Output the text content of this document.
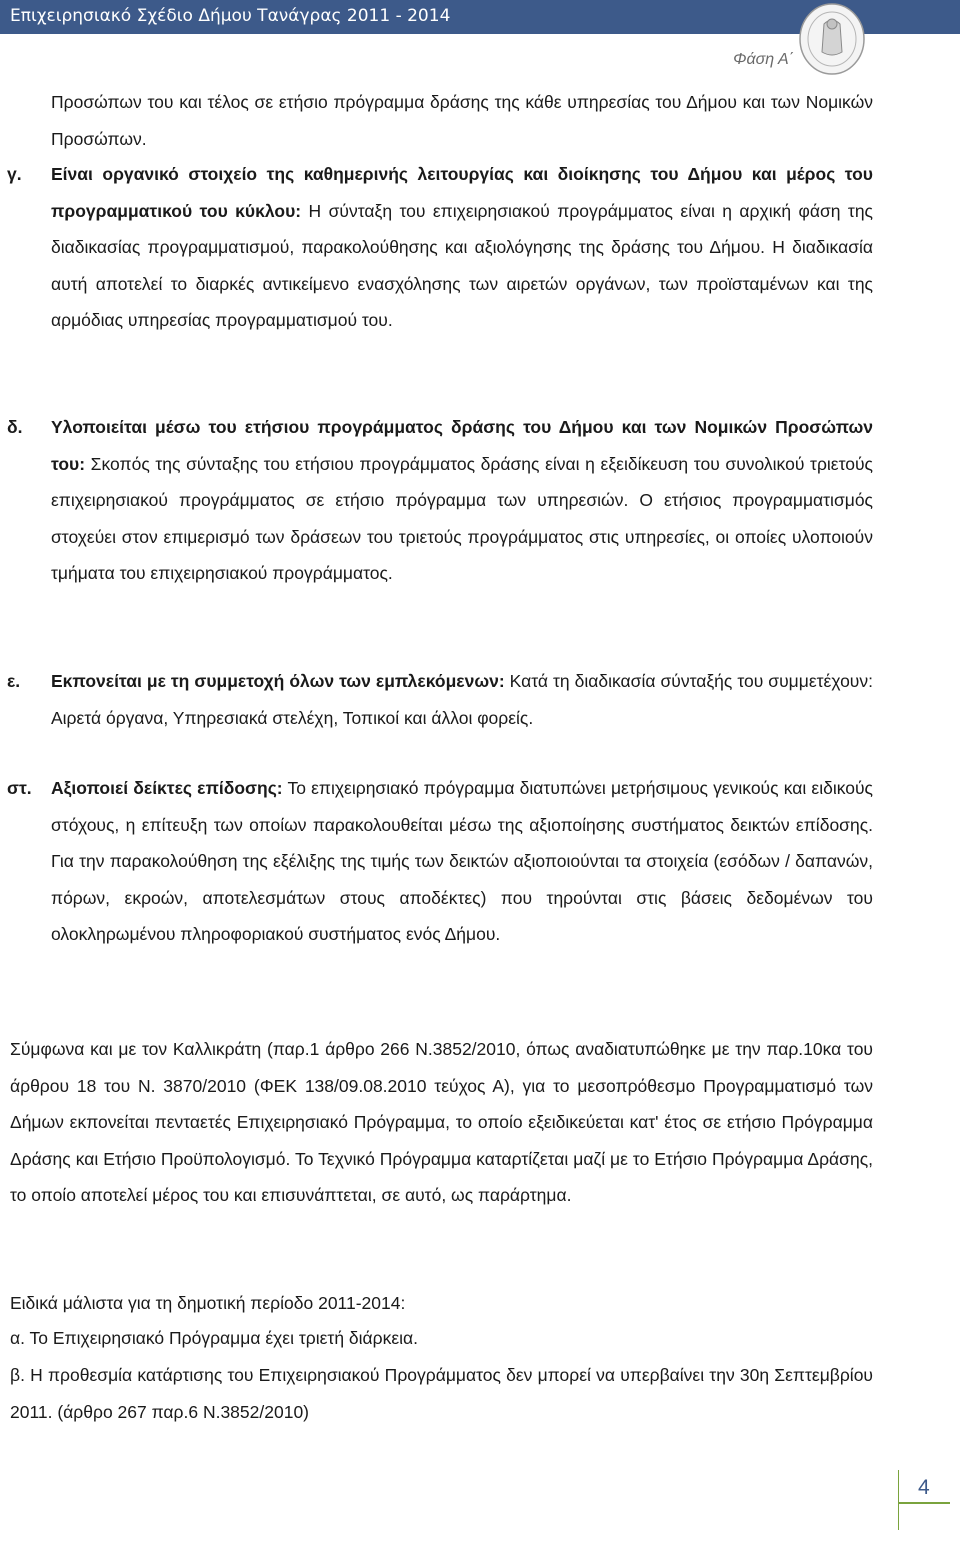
Επιχειρησιακό Σχέδιο Δήμου Τανάγρας 2011 - 2014
Φάση Α΄
Προσώπων του και τέλος σε ετήσιο πρόγραμμα δράσης της κάθε υπηρεσίας του Δήμου και των Νομικών Προσώπων.
γ. Είναι οργανικό στοιχείο της καθημερινής λειτουργίας και διοίκησης του Δήμου και μέρος του προγραμματικού του κύκλου: Η σύνταξη του επιχειρησιακού προγράμματος είναι η αρχική φάση της διαδικασίας προγραμματισμού, παρακολούθησης και αξιολόγησης της δράσης του Δήμου. Η διαδικασία αυτή αποτελεί το διαρκές αντικείμενο ενασχόλησης των αιρετών οργάνων, των προϊσταμένων και της αρμόδιας υπηρεσίας προγραμματισμού του.
δ. Υλοποιείται μέσω του ετήσιου προγράμματος δράσης του Δήμου και των Νομικών Προσώπων του: Σκοπός της σύνταξης του ετήσιου προγράμματος δράσης είναι η εξειδίκευση του συνολικού τριετούς επιχειρησιακού προγράμματος σε ετήσιο πρόγραμμα των υπηρεσιών. Ο ετήσιος προγραμματισμός στοχεύει στον επιμερισμό των δράσεων του τριετούς προγράμματος στις υπηρεσίες, οι οποίες υλοποιούν τμήματα του επιχειρησιακού προγράμματος.
ε. Εκπονείται με τη συμμετοχή όλων των εμπλεκόμενων: Κατά τη διαδικασία σύνταξής του συμμετέχουν: Αιρετά όργανα, Υπηρεσιακά στελέχη, Τοπικοί και άλλοι φορείς.
στ. Αξιοποιεί δείκτες επίδοσης: Το επιχειρησιακό πρόγραμμα διατυπώνει μετρήσιμους γενικούς και ειδικούς στόχους, η επίτευξη των οποίων παρακολουθείται μέσω της αξιοποίησης συστήματος δεικτών επίδοσης. Για την παρακολούθηση της εξέλιξης της τιμής των δεικτών αξιοποιούνται τα στοιχεία (εσόδων / δαπανών, πόρων, εκροών, αποτελεσμάτων στους αποδέκτες) που τηρούνται στις βάσεις δεδομένων του ολοκληρωμένου πληροφοριακού συστήματος ενός Δήμου.
Σύμφωνα και με τον Καλλικράτη (παρ.1 άρθρο 266 Ν.3852/2010, όπως αναδιατυπώθηκε με την παρ.10κα του άρθρου 18 του Ν. 3870/2010 (ΦΕΚ 138/09.08.2010 τεύχος Α), για το μεσοπρόθεσμο Προγραμματισμό των Δήμων εκπονείται πενταετές Επιχειρησιακό Πρόγραμμα, το οποίο εξειδικεύεται κατ' έτος σε ετήσιο Πρόγραμμα Δράσης και Ετήσιο Προϋπολογισμό. Το Τεχνικό Πρόγραμμα καταρτίζεται μαζί με το Ετήσιο Πρόγραμμα Δράσης, το οποίο αποτελεί μέρος του και επισυνάπτεται, σε αυτό, ως παράρτημα.
Ειδικά μάλιστα για τη δημοτική περίοδο 2011-2014:
α. Το Επιχειρησιακό Πρόγραμμα έχει τριετή διάρκεια.
β. Η προθεσμία κατάρτισης του Επιχειρησιακού Προγράμματος δεν μπορεί να υπερβαίνει την 30η Σεπτεμβρίου 2011. (άρθρο 267 παρ.6 Ν.3852/2010)
4
